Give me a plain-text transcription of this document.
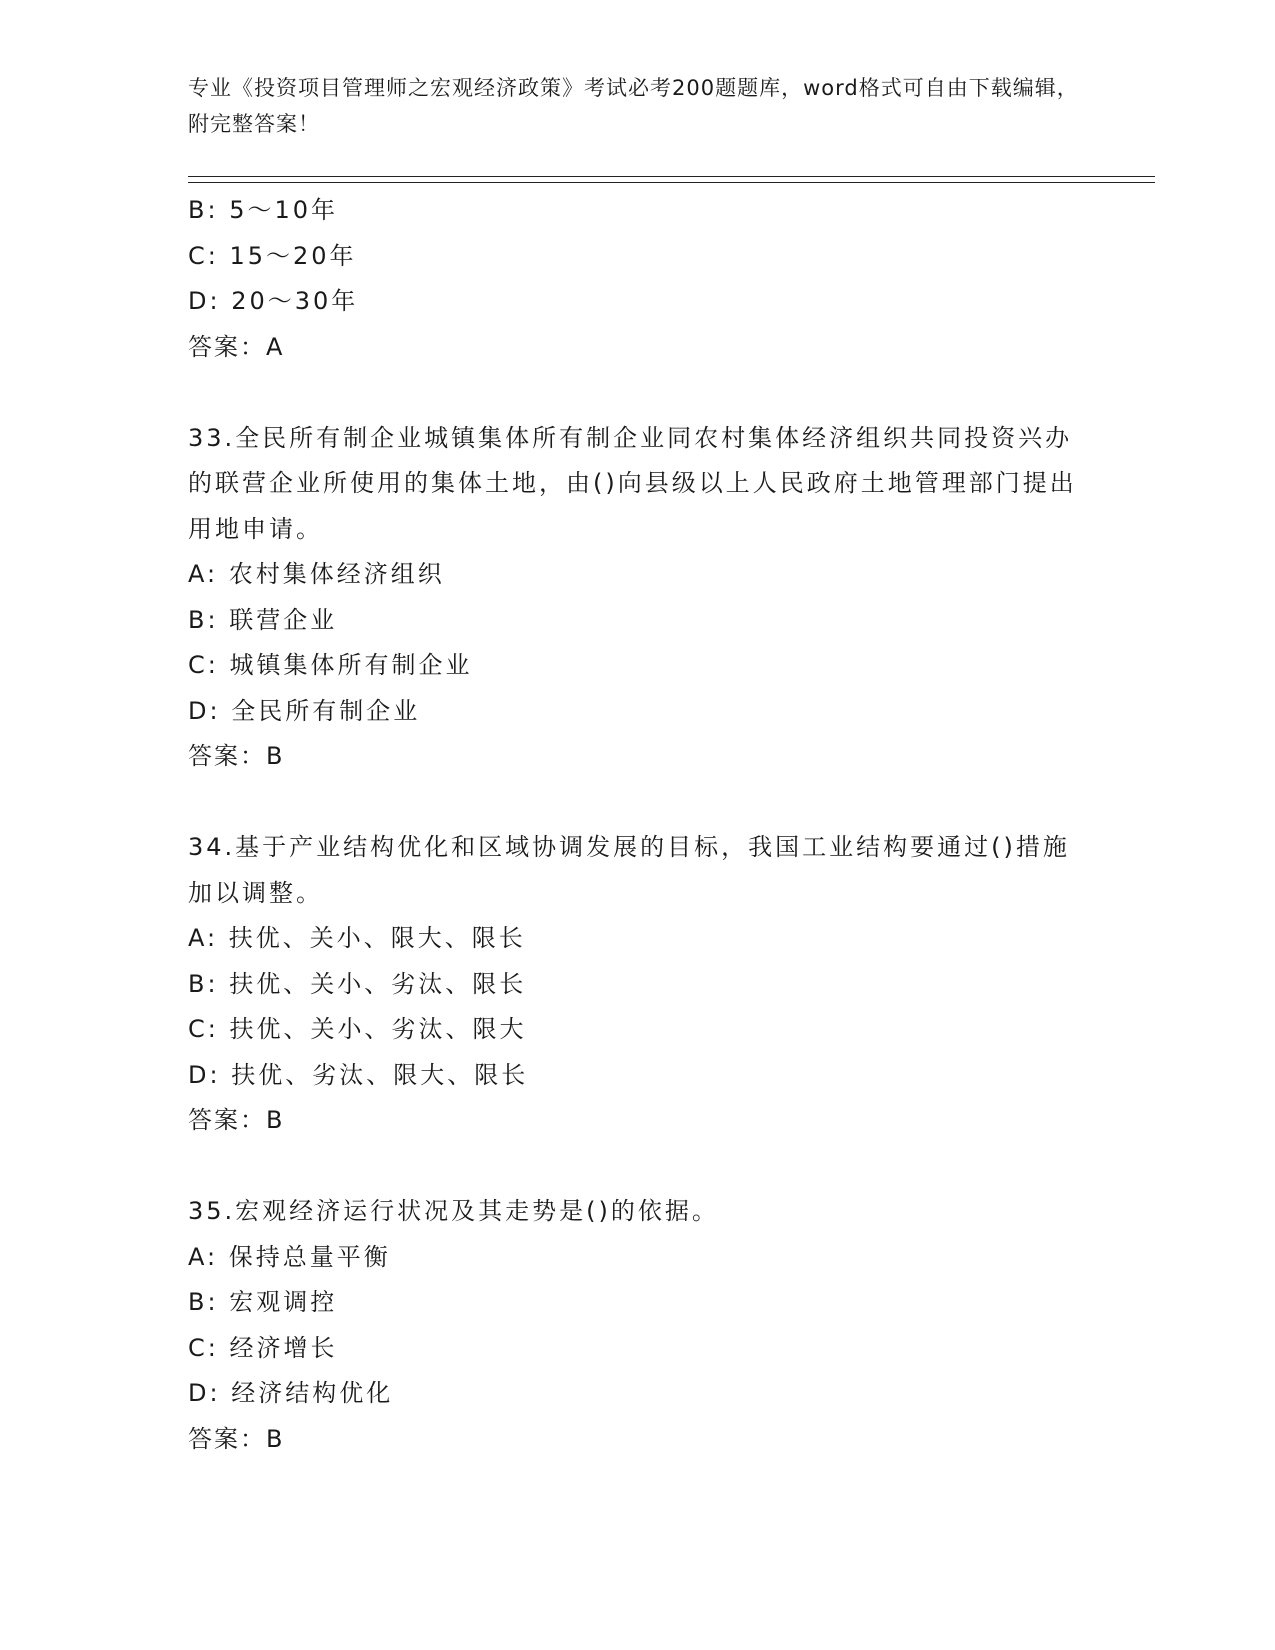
专业《投资项目管理师之宏观经济政策》考试必考200题题库，word格式可自由下载编辑，附完整答案！
B: 5～10年
C: 15～20年
D: 20～30年
答案：A
33.全民所有制企业城镇集体所有制企业同农村集体经济组织共同投资兴办的联营企业所使用的集体土地，由()向县级以上人民政府土地管理部门提出用地申请。
A: 农村集体经济组织
B: 联营企业
C: 城镇集体所有制企业
D: 全民所有制企业
答案：B
34.基于产业结构优化和区域协调发展的目标，我国工业结构要通过()措施加以调整。
A: 扶优、关小、限大、限长
B: 扶优、关小、劣汰、限长
C: 扶优、关小、劣汰、限大
D: 扶优、劣汰、限大、限长
答案：B
35.宏观经济运行状况及其走势是()的依据。
A: 保持总量平衡
B: 宏观调控
C: 经济增长
D: 经济结构优化
答案：B
